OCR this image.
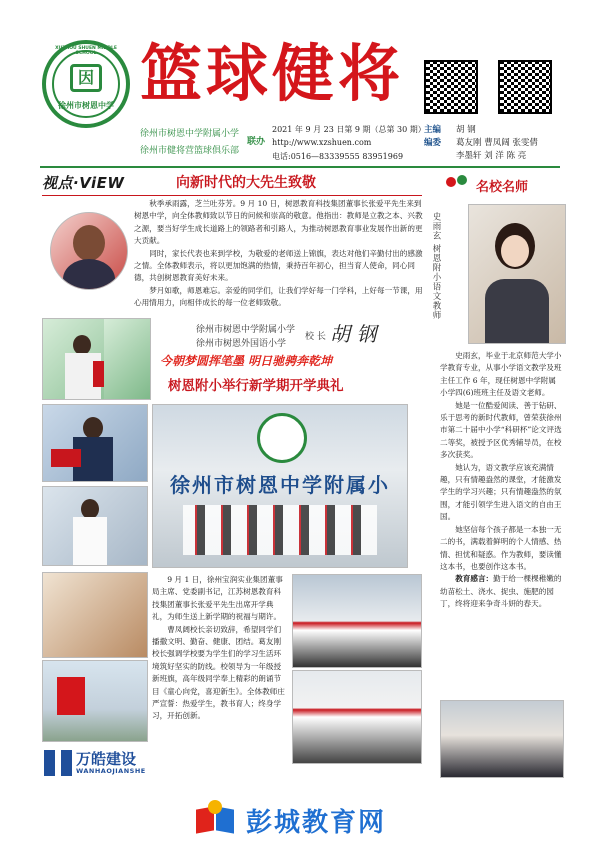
因
XUZHOU SHUEN MIDDLE SCHOOL
徐州市树恩中学 篮球健将
徐州市树恩中学附属小学
徐州市健将营篮球俱乐部
联办
2021 年 9 月 23 日第 9 期（总第 30 期）
http://www.xzshuen.com
电话:0516—83339555 83951969
主编 胡 钢
编委 葛友刚 曹凤阔 张雯倩
李墨轩 刘 洋 陈 亮
视点·ViEW	向新时代的大先生致敬

秋季承雨露，芝兰吐芬芳。9 月 10 日，树恩教育科技集团董事长张爱平先生来到树恩中学，向全体教师致以节日的问候和崇高的敬意。他指出：教师是立教之本、兴教之源，要当好学生成长道路上的领路者和引路人，为推动树恩教育事业发展作出新的更大贡献。

同时，家长代表也来到学校，为敬爱的老师送上锦旗，表达对他们辛勤付出的感激之情。全体教师表示，将以更加饱满的热情，秉持百年初心，担当育人使命，同心同德，共创树恩教育美好未来。

梦月如歌，师恩难忘。亲爱的同学们，让我们学好每一门学科，上好每一节课，用心用情用力，向相伴成长的每一位老师致敬。

徐州市树恩中学附属小学
徐州市树恩外国语小学
校 长 胡 钢
今朝梦圆挥笔墨 明日驰骋奔乾坤
树恩附小举行新学期开学典礼
徐州市树恩中学附属小

9 月 1 日，徐州宝润实业集团董事局主席、党委副书记，江苏树恩教育科技集团董事长张爱平先生出席开学典礼，为师生送上新学期的祝福与期许。

曹凤阔校长亲切致辞，希望同学们播撒文明、勤奋、健康、团结。葛友刚校长强调学校要为学生们的学习生活环境筑好坚实的防线。校领导为一年级授新班旗，高年级同学奉上精彩的朗诵节目《童心向党，喜迎新生》。全体教师庄严宣誓：热爱学生，教书育人；终身学习，开拓创新。

万皓建设
WANHAOJIANSHE
名校名师
史雨玄 树恩附小语文教师

史雨玄，毕业于北京师范大学小学教育专业，从事小学语文教学及班主任工作 6 年，现任树恩中学附属小学四(6)班班主任及语文老师。

她是一位酷爱阅读、善于钻研、乐于思考的新时代教师，曾荣获徐州市第二十届中小学“科研杯”论文评选二等奖，被授予区优秀辅导员，在校多次获奖。

她认为，语文教学应该充满情趣，只有情趣盎然的课堂，才能激发学生的学习兴趣；只有情趣盎然的氛围，才能引领学生进入语文的自由王国。

她坚信每个孩子都是一本独一无二的书，满载着鲜明的个人情感、热情、担忧和疑惑。作为教师，要读懂这本书，也要创作这本书。

教育感言：勤于给一棵棵稚嫩的幼苗松土、浇水、捉虫、施肥的园丁，终将迎来争奇斗妍的春天。

彭城教育网
